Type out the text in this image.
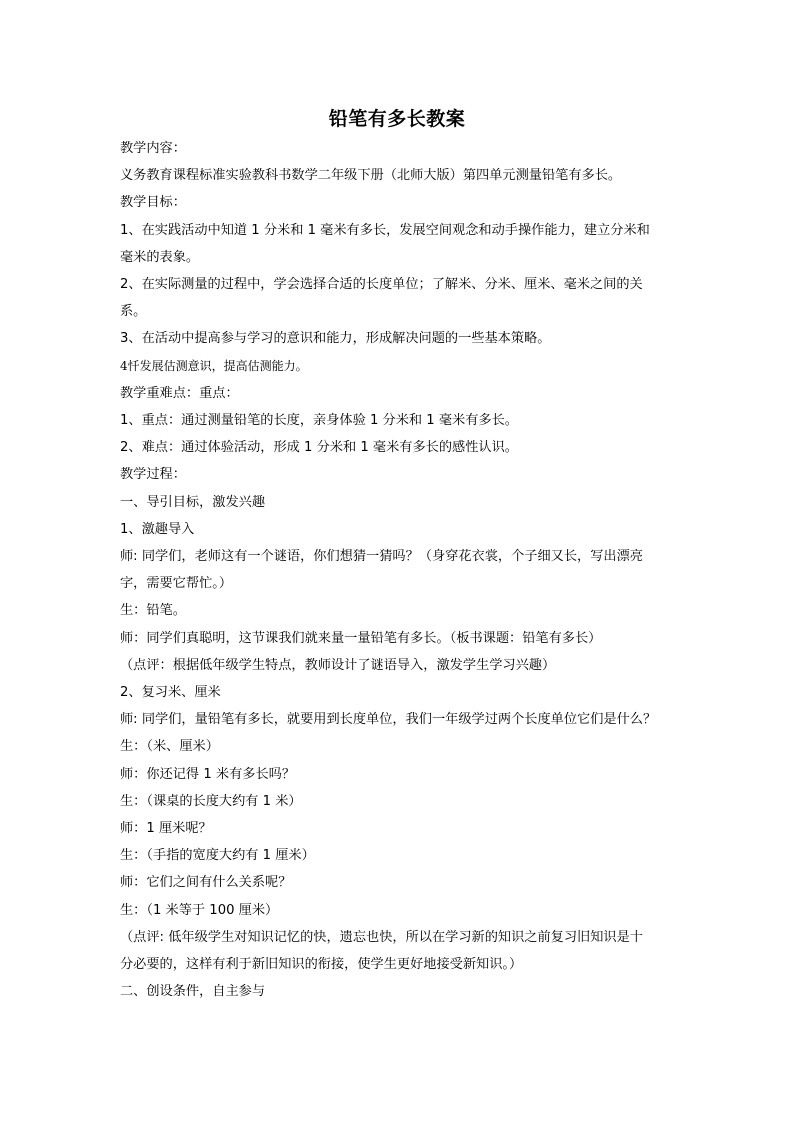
铅笔有多长教案
教学内容：
义务教育课程标准实验教科书数学二年级下册（北师大版）第四单元测量铅笔有多长。
教学目标：
1、在实践活动中知道 1 分米和 1 毫米有多长，发展空间观念和动手操作能力，建立分米和
毫米的表象。
2、在实际测量的过程中，学会选择合适的长度单位；了解米、分米、厘米、毫米之间的关
系。
3、在活动中提高参与学习的意识和能力，形成解决问题的一些基本策略。
4忏发展估测意识，提高估测能力。
教学重难点：重点：
1、重点：通过测量铅笔的长度，亲身体验 1 分米和 1 毫米有多长。
2、难点：通过体验活动，形成 1 分米和 1 毫米有多长的感性认识。
教学过程：
一、导引目标，激发兴趣
1、激趣导入
师: 同学们，老师这有一个谜语，你们想猜一猜吗？（身穿花衣裳，个子细又长，写出漂亮
字，需要它帮忙。）
生：铅笔。
师：同学们真聪明，这节课我们就来量一量铅笔有多长。（板书课题：铅笔有多长）
（点评：根据低年级学生特点，教师设计了谜语导入，激发学生学习兴趣）
2、复习米、厘米
师: 同学们，量铅笔有多长，就要用到长度单位，我们一年级学过两个长度单位它们是什么？
生：（米、厘米）
师：你还记得 1 米有多长吗？
生：（课桌的长度大约有 1 米）
师：1 厘米呢？
生：（手指的宽度大约有 1 厘米）
师：它们之间有什么关系呢？
生：（1 米等于 100 厘米）
（点评: 低年级学生对知识记忆的快，遗忘也快，所以在学习新的知识之前复习旧知识是十
分必要的，这样有利于新旧知识的衔接，使学生更好地接受新知识。）
二、创设条件，自主参与
